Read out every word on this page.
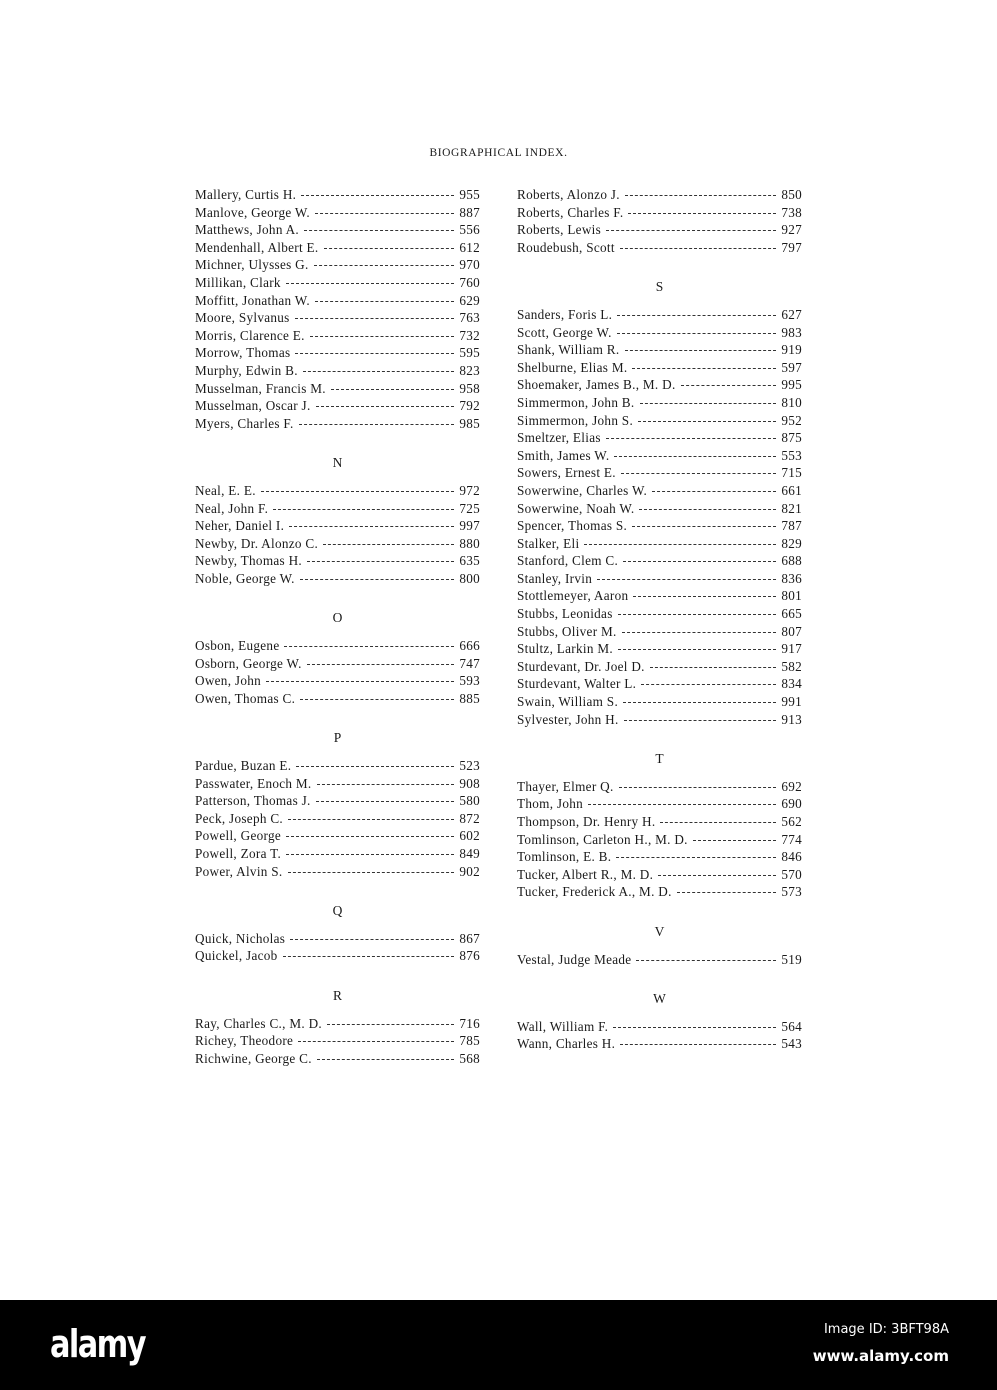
BIOGRAPHICAL INDEX.
Mallery, Curtis H.	955
Manlove, George W.	887
Matthews, John A.	556
Mendenhall, Albert E.	612
Michner, Ulysses G.	970
Millikan, Clark	760
Moffitt, Jonathan W.	629
Moore, Sylvanus	763
Morris, Clarence E.	732
Morrow, Thomas	595
Murphy, Edwin B.	823
Musselman, Francis M.	958
Musselman, Oscar J.	792
Myers, Charles F.	985
N
Neal, E. E.	972
Neal, John F.	725
Neher, Daniel I.	997
Newby, Dr. Alonzo C.	880
Newby, Thomas H.	635
Noble, George W.	800
O
Osbon, Eugene	666
Osborn, George W.	747
Owen, John	593
Owen, Thomas C.	885
P
Pardue, Buzan E.	523
Passwater, Enoch M.	908
Patterson, Thomas J.	580
Peck, Joseph C.	872
Powell, George	602
Powell, Zora T.	849
Power, Alvin S.	902
Q
Quick, Nicholas	867
Quickel, Jacob	876
R
Ray, Charles C., M. D.	716
Richey, Theodore	785
Richwine, George C.	568
Roberts, Alonzo J.	850
Roberts, Charles F.	738
Roberts, Lewis	927
Roudebush, Scott	797
S
Sanders, Foris L.	627
Scott, George W.	983
Shank, William R.	919
Shelburne, Elias M.	597
Shoemaker, James B., M. D.	995
Simmermon, John B.	810
Simmermon, John S.	952
Smeltzer, Elias	875
Smith, James W.	553
Sowers, Ernest E.	715
Sowerwine, Charles W.	661
Sowerwine, Noah W.	821
Spencer, Thomas S.	787
Stalker, Eli	829
Stanford, Clem C.	688
Stanley, Irvin	836
Stottlemeyer, Aaron	801
Stubbs, Leonidas	665
Stubbs, Oliver M.	807
Stultz, Larkin M.	917
Sturdevant, Dr. Joel D.	582
Sturdevant, Walter L.	834
Swain, William S.	991
Sylvester, John H.	913
T
Thayer, Elmer Q.	692
Thom, John	690
Thompson, Dr. Henry H.	562
Tomlinson, Carleton H., M. D.	774
Tomlinson, E. B.	846
Tucker, Albert R., M. D.	570
Tucker, Frederick A., M. D.	573
V
Vestal, Judge Meade	519
W
Wall, William F.	564
Wann, Charles H.	543
alamy	Image ID: 3BFT98A
www.alamy.com
